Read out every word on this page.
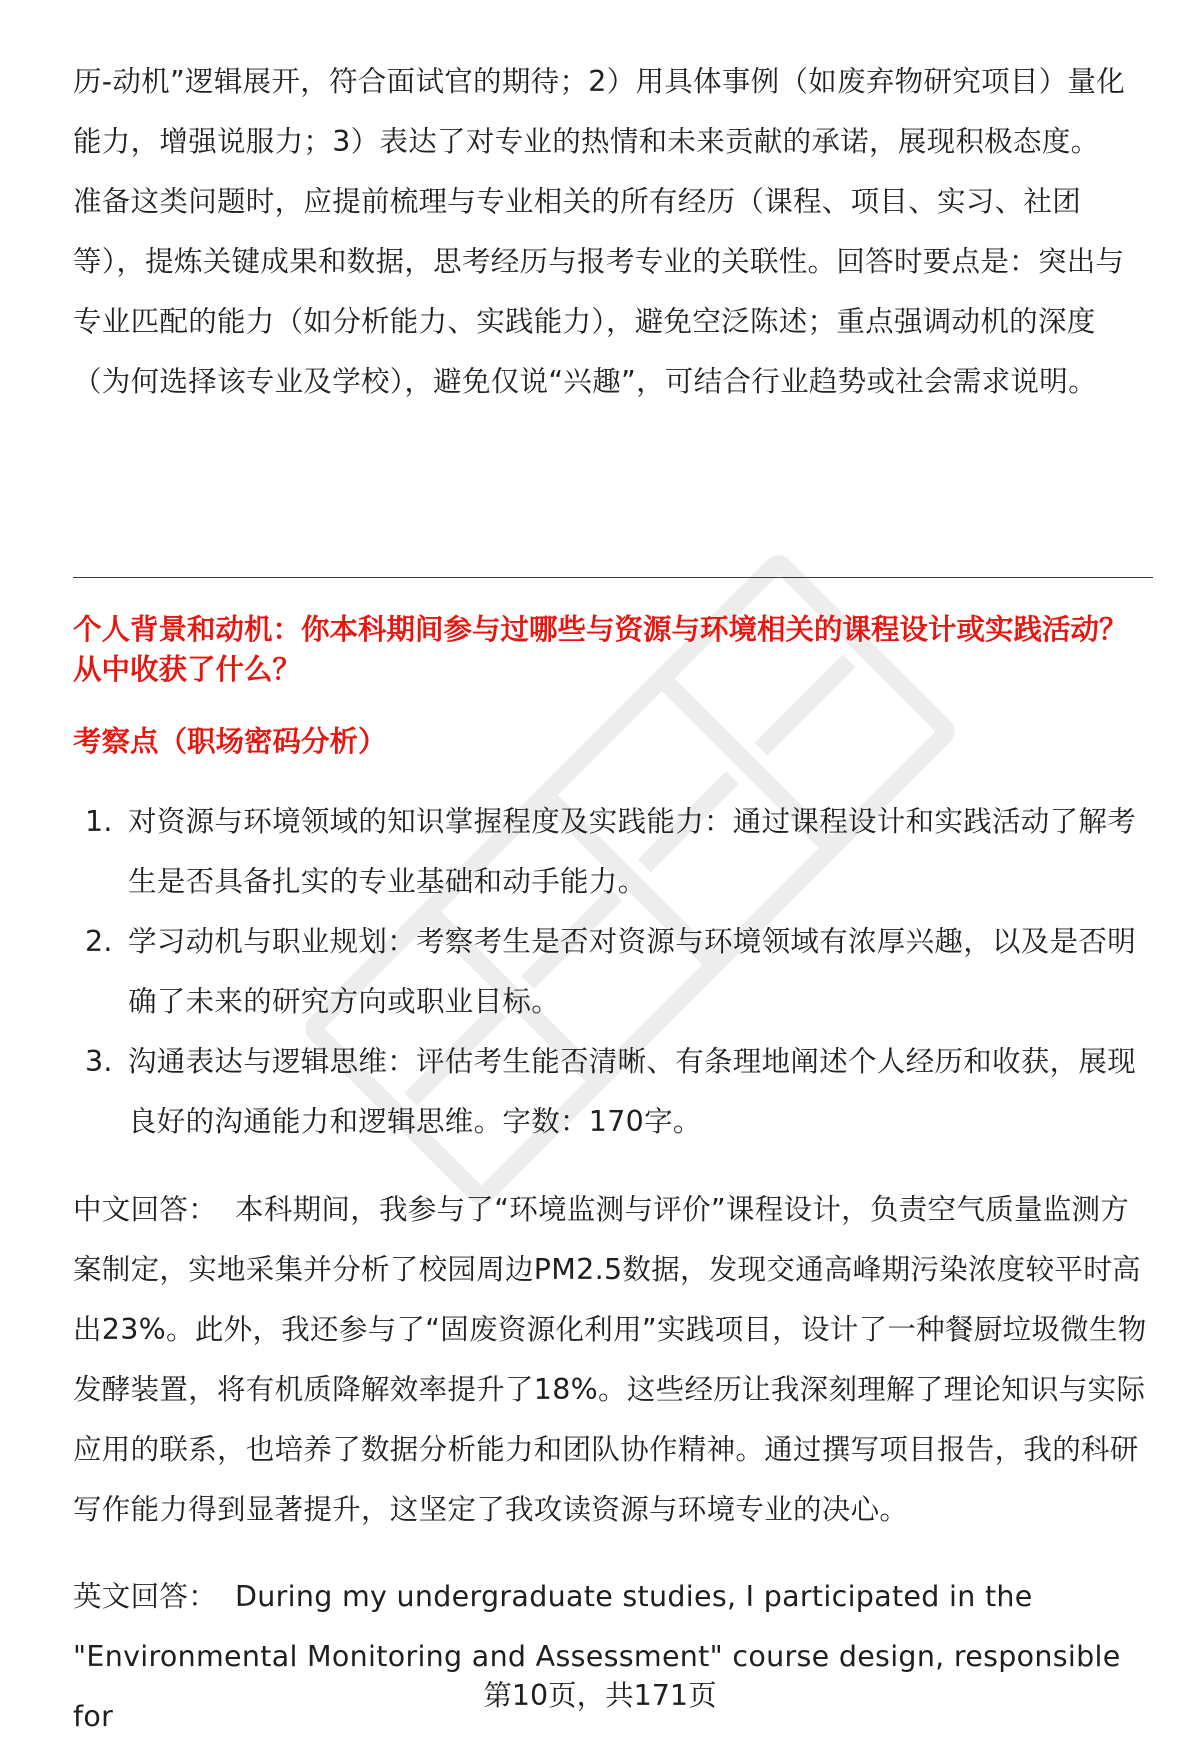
历-动机”逻辑展开，符合面试官的期待；2）用具体事例（如废弃物研究项目）量化能力，增强说服力；3）表达了对专业的热情和未来贡献的承诺，展现积极态度。

准备这类问题时，应提前梳理与专业相关的所有经历（课程、项目、实习、社团等），提炼关键成果和数据，思考经历与报考专业的关联性。回答时要点是：突出与专业匹配的能力（如分析能力、实践能力），避免空泛陈述；重点强调动机的深度（为何选择该专业及学校），避免仅说“兴趣”，可结合行业趋势或社会需求说明。

个人背景和动机：你本科期间参与过哪些与资源与环境相关的课程设计或实践活动？从中收获了什么？

考察点（职场密码分析）

1. 对资源与环境领域的知识掌握程度及实践能力：通过课程设计和实践活动了解考生是否具备扎实的专业基础和动手能力。
2. 学习动机与职业规划：考察考生是否对资源与环境领域有浓厚兴趣，以及是否明确了未来的研究方向或职业目标。
3. 沟通表达与逻辑思维：评估考生能否清晰、有条理地阐述个人经历和收获，展现良好的沟通能力和逻辑思维。字数：170字。

中文回答： 本科期间，我参与了“环境监测与评价”课程设计，负责空气质量监测方案制定，实地采集并分析了校园周边PM2.5数据，发现交通高峰期污染浓度较平时高出23%。此外，我还参与了“固废资源化利用”实践项目，设计了一种餐厨垃圾微生物发酵装置，将有机质降解效率提升了18%。这些经历让我深刻理解了理论知识与实际应用的联系，也培养了数据分析能力和团队协作精神。通过撰写项目报告，我的科研写作能力得到显著提升，这坚定了我攻读资源与环境专业的决心。

英文回答： During my undergraduate studies, I participated in the "Environmental Monitoring and Assessment" course design, responsible for

第10页，共171页
